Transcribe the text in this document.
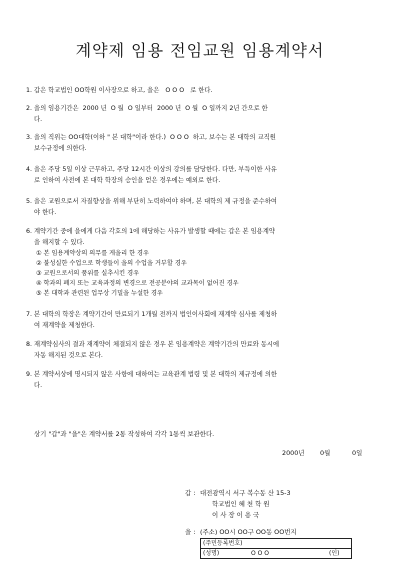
계약제 임용 전임교원 임용계약서
1. 갑은 학교법인 OO학원 이사장으로 하고, 을은   O O O   로 한다.
2. 을의 임용기간은  2000 년  O 월  O 일부터  2000 년  O 월  O 일까지 2년 간으로 한
다.
3. 을의 직위는 OO대학(이하 " 본 대학"이라 한다.)  O O O  하고, 보수는 본 대학의 교직원
보수규정에 의한다.
4. 을은 주당 5일 이상 근무하고, 주당 12시간 이상의 강의를 담당한다. 다만, 부득이한 사유
로 인하여 사전에 본 대학 학장의 승인을 얻은 경우에는 예외로 한다.
5. 을은 교원으로서 자질향상을 위해 부단히 노력하여야 하며, 본 대학의 제 규정을 준수하여
야 한다.
6. 계약기간 중에 을에게 다음 각호의 1에 해당하는 사유가 발생할 때에는 갑은 본 임용계약
을 해지할 수 있다.
① 본 임용계약상의 의무를 게을리 한 경우
② 불성실한 수업으로 학생들이 을의 수업을 거부할 경우
③ 교원으로서의 품위를 실추시킨 경우
④ 학과의 폐지 또는 교육과정의 변경으로 전공분야의 교과목이 없어진 경우
⑤ 본 대학과 관련된 업무상 기밀을 누설한 경우
7. 본 대학의 학장은 계약기간이 만료되기 1개월 전까지 법인이사회에 재계약 심사를 제청하
여 재계약을 제청한다.
8. 재계약심사의 결과 재계약이 체결되지 않은 경우 본 임용계약은 계약기간의 만료와 동시에
자동 해지된 것으로 본다.
9. 본 계약서상에 명시되지 않은 사항에 대하여는 교육관계 법령 및 본 대학의 제규정에 의한
다.
상기 "갑"과 "을"은 계약서를 2통 작성하여 각각 1통씩 보관한다.
2000년 0월	0일
갑 : 대전광역시 서구 복수동 산 15-3
학교법인 혜 천 학 원
이 사 장 이 용 국
을 : (주소) OO시 OO구 OO동 OO번지
(주민등록번호)
(성명)	O O O	(인)
